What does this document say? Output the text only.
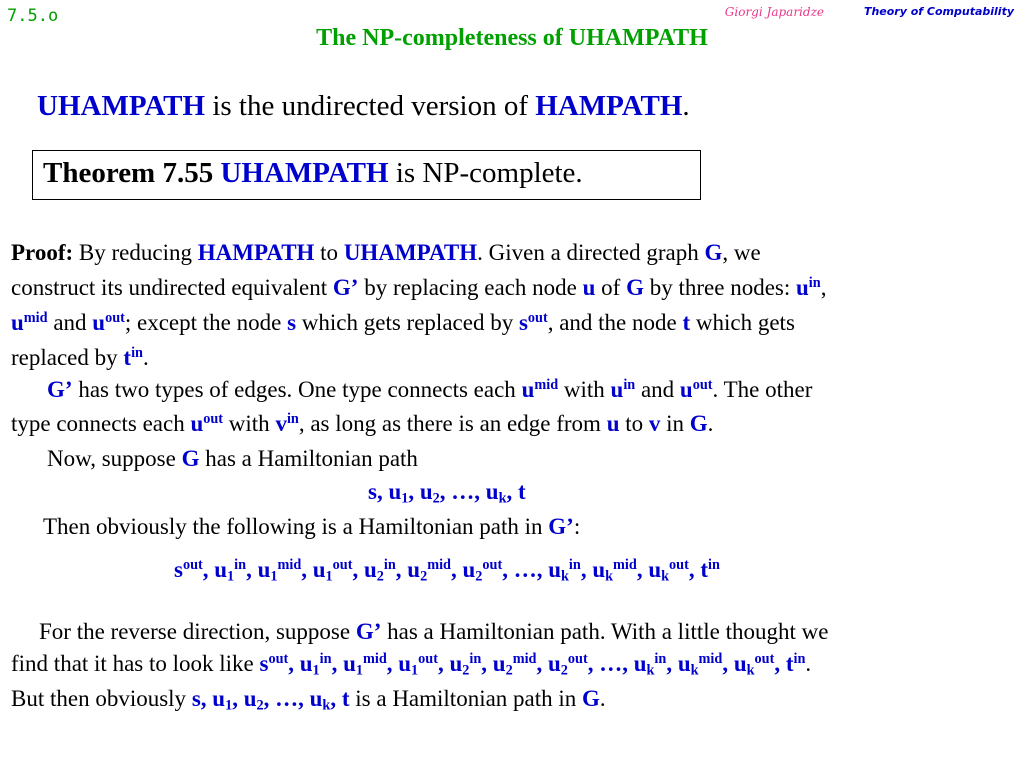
7.5.o	Giorgi Japaridze	Theory of Computability
The NP-completeness of UHAMPATH
UHAMPATH is the undirected version of HAMPATH.
Theorem 7.55 UHAMPATH is NP-complete.
Proof: By reducing HAMPATH to UHAMPATH. Given a directed graph G, we
construct its undirected equivalent G’ by replacing each node u of G by three nodes: $u^{in}$,
$u^{mid}$ and $u^{out}$; except the node s which gets replaced by $s^{out}$, and the node t which gets
replaced by $t^{in}$.
G’ has two types of edges. One type connects each $u^{mid}$ with $u^{in}$ and $u^{out}$. The other
type connects each $u^{out}$ with $v^{in}$, as long as there is an edge from u to v in G.
Now, suppose G has a Hamiltonian path
s, $u_1$, $u_2$, …, $u_k$, t
Then obviously the following is a Hamiltonian path in G’:
$s^{out}$, $u_1^{in}$, $u_1^{mid}$, $u_1^{out}$, $u_2^{in}$, $u_2^{mid}$, $u_2^{out}$, …, $u_k^{in}$, $u_k^{mid}$, $u_k^{out}$, $t^{in}$
For the reverse direction, suppose G’ has a Hamiltonian path. With a little thought we
find that it has to look like $s^{out}$, $u_1^{in}$, $u_1^{mid}$, $u_1^{out}$, $u_2^{in}$, $u_2^{mid}$, $u_2^{out}$, …, $u_k^{in}$, $u_k^{mid}$, $u_k^{out}$, $t^{in}$.
But then obviously s, $u_1$, $u_2$, …, $u_k$, t is a Hamiltonian path in G.
